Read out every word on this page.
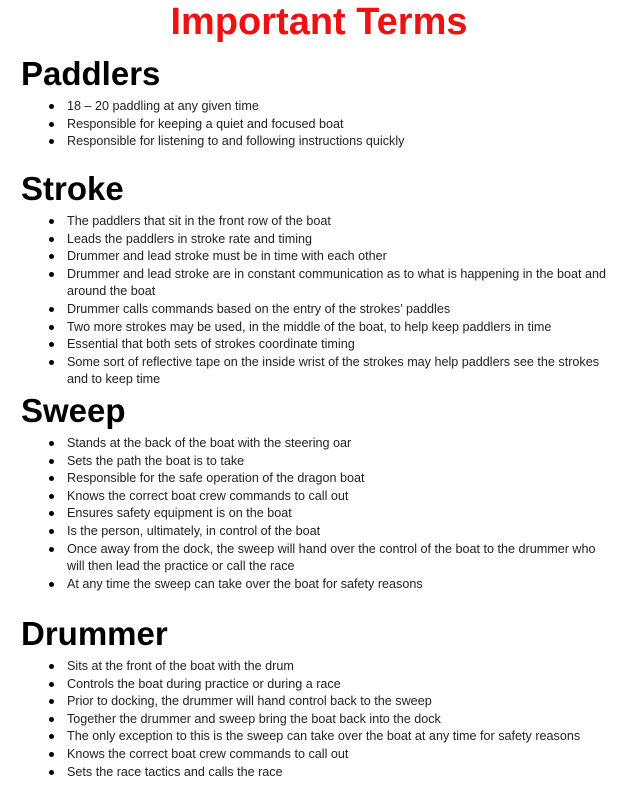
Important Terms
Paddlers
18 – 20 paddling at any given time
Responsible for keeping a quiet and focused boat
Responsible for listening to and following instructions quickly
Stroke
The paddlers that sit in the front row of the boat
Leads the paddlers in stroke rate and timing
Drummer and lead stroke must be in time with each other
Drummer and lead stroke are in constant communication as to what is happening in the boat and around the boat
Drummer calls commands based on the entry of the strokes’ paddles
Two more strokes may be used, in the middle of the boat, to help keep paddlers in time
Essential that both sets of strokes coordinate timing
Some sort of reflective tape on the inside wrist of the strokes may help paddlers see the strokes and to keep time
Sweep
Stands at the back of the boat with the steering oar
Sets the path the boat is to take
Responsible for the safe operation of the dragon boat
Knows the correct boat crew commands to call out
Ensures safety equipment is on the boat
Is the person, ultimately, in control of the boat
Once away from the dock, the sweep will hand over the control of the boat to the drummer who will then lead the practice or call the race
At any time the sweep can take over the boat for safety reasons
Drummer
Sits at the front of the boat with the drum
Controls the boat during practice or during a race
Prior to docking, the drummer will hand control back to the sweep
Together the drummer and sweep bring the boat back into the dock
The only exception to this is the sweep can take over the boat at any time for safety reasons
Knows the correct boat crew commands to call out
Sets the race tactics and calls the race
